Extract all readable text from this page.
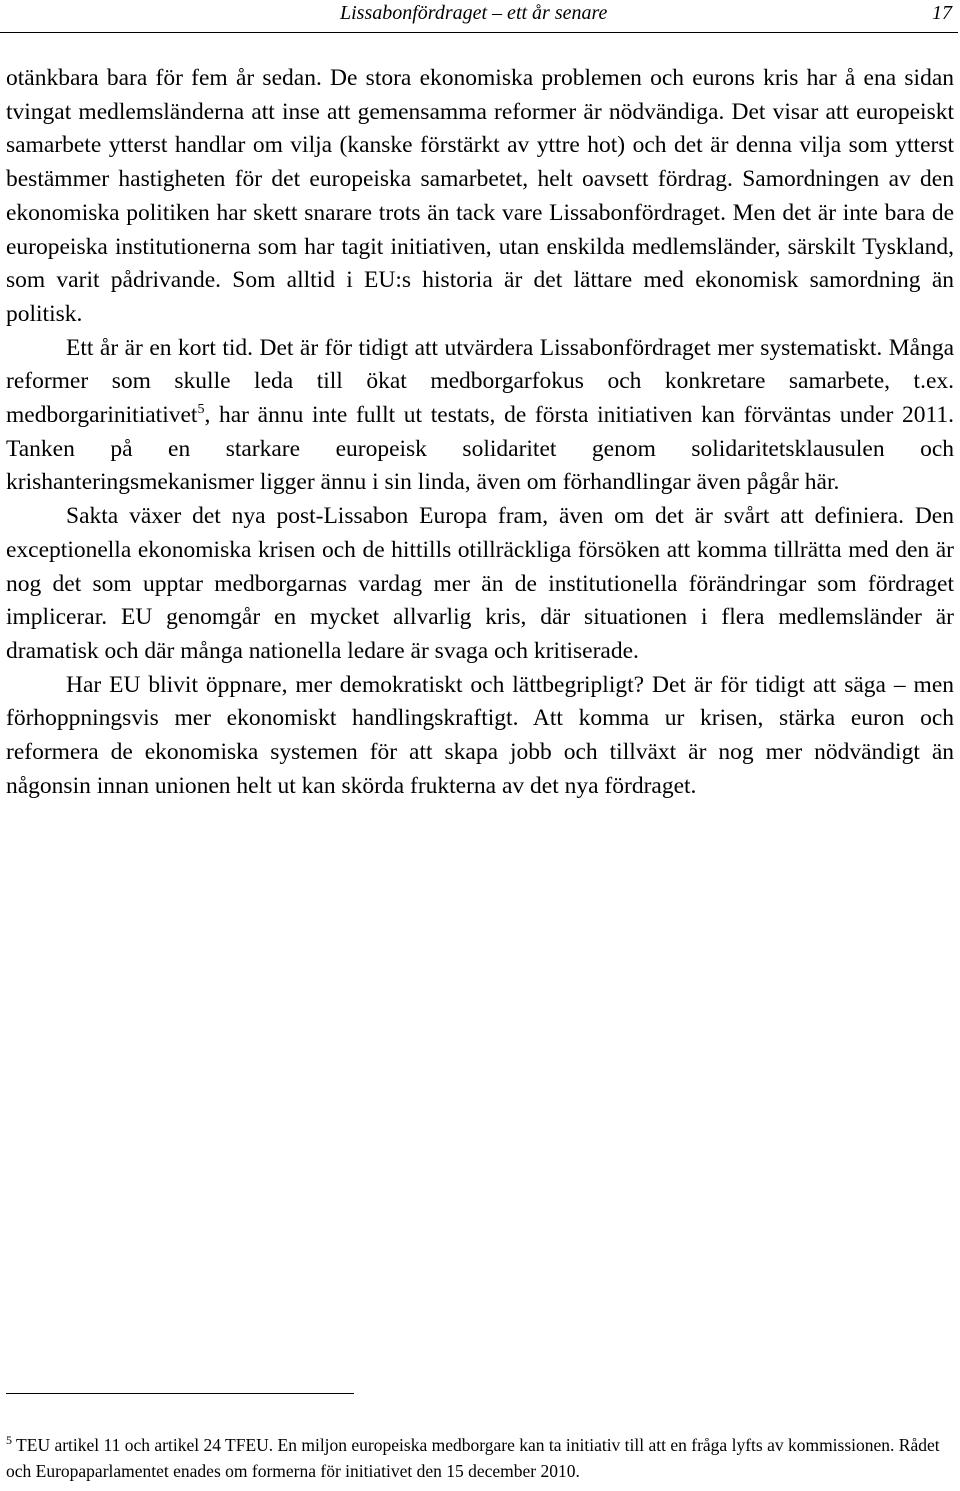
Lissabonfördraget – ett år senare	17

otänkbara bara för fem år sedan. De stora ekonomiska problemen och eurons kris har å ena sidan tvingat medlemsländerna att inse att gemensamma reformer är nödvändiga. Det visar att europeiskt samarbete ytterst handlar om vilja (kanske förstärkt av yttre hot) och det är denna vilja som ytterst bestämmer hastigheten för det europeiska samarbetet, helt oavsett fördrag. Samordningen av den ekonomiska politiken har skett snarare trots än tack vare Lissabonfördraget. Men det är inte bara de europeiska institutionerna som har tagit initiativen, utan enskilda medlemsländer, särskilt Tyskland, som varit pådrivande. Som alltid i EU:s historia är det lättare med ekonomisk samordning än politisk.

Ett år är en kort tid. Det är för tidigt att utvärdera Lissabonfördraget mer systematiskt. Många reformer som skulle leda till ökat medborgarfokus och konkretare samarbete, t.ex. medborgarinitiativet$^5$, har ännu inte fullt ut testats, de första initiativen kan förväntas under 2011. Tanken på en starkare europeisk solidaritet genom solidaritetsklausulen och krishanteringsmekanismer ligger ännu i sin linda, även om förhandlingar även pågår här.

Sakta växer det nya post-Lissabon Europa fram, även om det är svårt att definiera. Den exceptionella ekonomiska krisen och de hittills otillräckliga försöken att komma tillrätta med den är nog det som upptar medborgarnas vardag mer än de institutionella förändringar som fördraget implicerar. EU genomgår en mycket allvarlig kris, där situationen i flera medlemsländer är dramatisk och där många nationella ledare är svaga och kritiserade.

Har EU blivit öppnare, mer demokratiskt och lättbegripligt? Det är för tidigt att säga – men förhoppningsvis mer ekonomiskt handlingskraftigt. Att komma ur krisen, stärka euron och reformera de ekonomiska systemen för att skapa jobb och tillväxt är nog mer nödvändigt än någonsin innan unionen helt ut kan skörda frukterna av det nya fördraget.

$^5$ TEU artikel 11 och artikel 24 TFEU. En miljon europeiska medborgare kan ta initiativ till att en fråga lyfts av kommissionen. Rådet och Europaparlamentet enades om formerna för initiativet den 15 december 2010.
